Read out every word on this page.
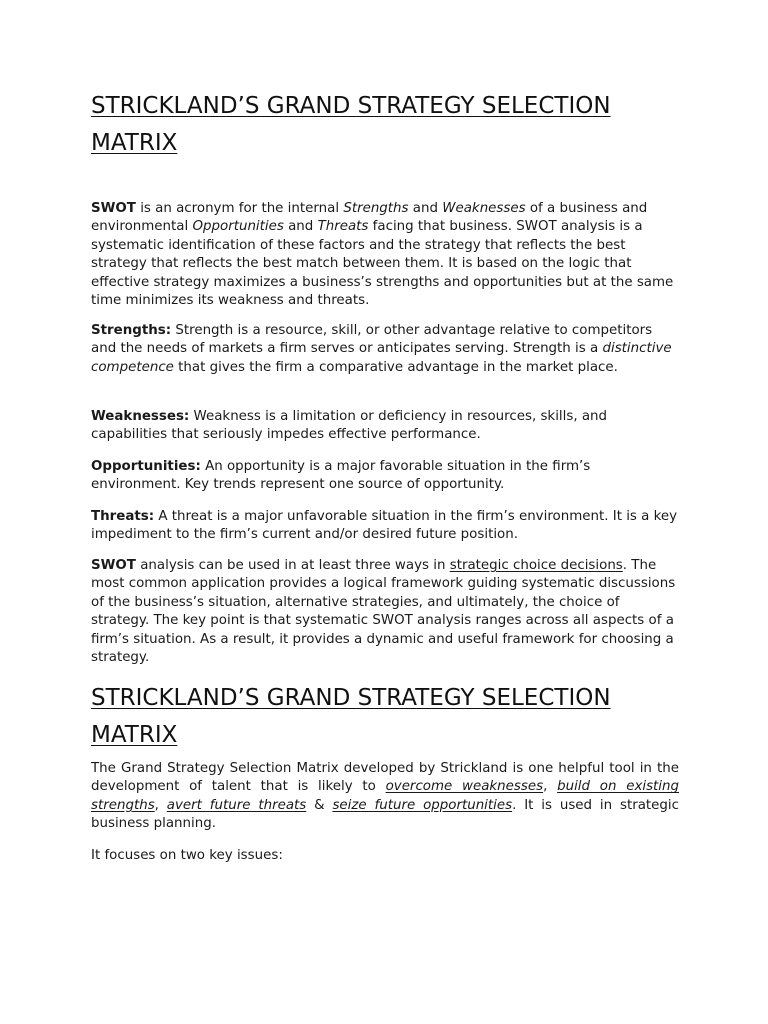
STRICKLAND’S GRAND STRATEGY SELECTION MATRIX

SWOT is an acronym for the internal Strengths and Weaknesses of a business and environmental Opportunities and Threats facing that business. SWOT analysis is a systematic identification of these factors and the strategy that reflects the best strategy that reflects the best match between them. It is based on the logic that effective strategy maximizes a business’s strengths and opportunities but at the same time minimizes its weakness and threats.

Strengths: Strength is a resource, skill, or other advantage relative to competitors and the needs of markets a firm serves or anticipates serving. Strength is a distinctive competence that gives the firm a comparative advantage in the market place.

Weaknesses: Weakness is a limitation or deficiency in resources, skills, and capabilities that seriously impedes effective performance.

Opportunities: An opportunity is a major favorable situation in the firm’s environment. Key trends represent one source of opportunity.

Threats: A threat is a major unfavorable situation in the firm’s environment. It is a key impediment to the firm’s current and/or desired future position.

SWOT analysis can be used in at least three ways in strategic choice decisions. The most common application provides a logical framework guiding systematic discussions of the business’s situation, alternative strategies, and ultimately, the choice of strategy. The key point is that systematic SWOT analysis ranges across all aspects of a firm’s situation. As a result, it provides a dynamic and useful framework for choosing a strategy.

STRICKLAND’S GRAND STRATEGY SELECTION MATRIX

The Grand Strategy Selection Matrix developed by Strickland is one helpful tool in the development of talent that is likely to overcome weaknesses, build on existing strengths, avert future threats & seize future opportunities. It is used in strategic business planning.

It focuses on two key issues:
